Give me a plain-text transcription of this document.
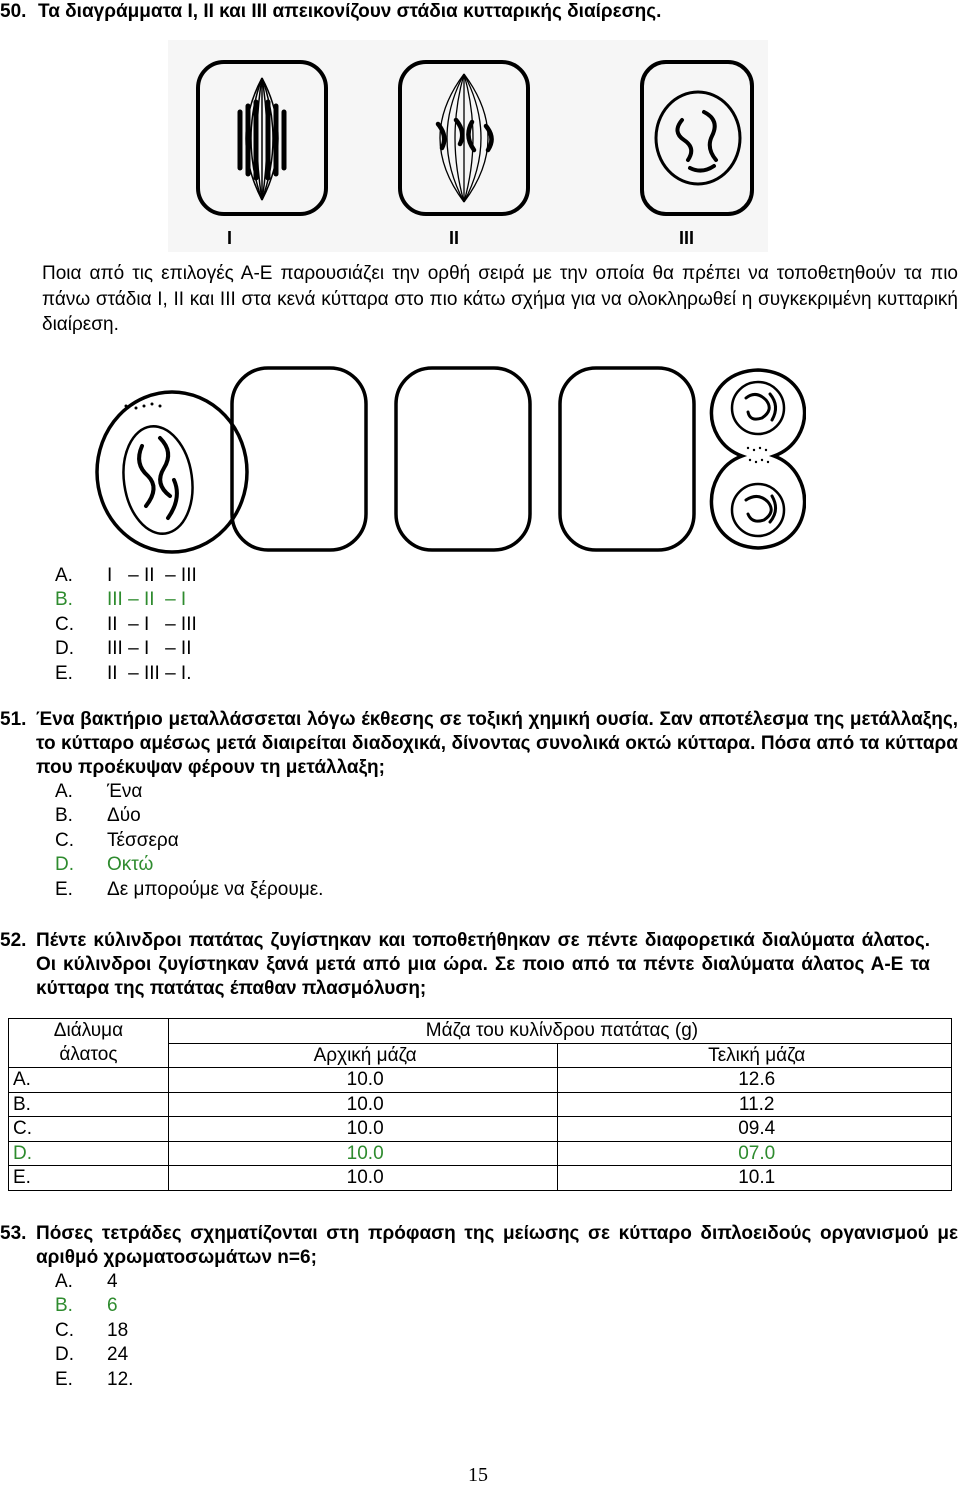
50. Τα διαγράμματα I, II και III απεικονίζουν στάδια κυτταρικής διαίρεσης.
I	II	III
Ποια από τις επιλογές Α-Ε παρουσιάζει την ορθή σειρά με την οποία θα πρέπει να τοποθετηθούν τα πιο πάνω στάδια I, II και III στα κενά κύτταρα στο πιο κάτω σχήμα για να ολοκληρωθεί η συγκεκριμένη κυτταρική διαίρεση.
A.	I   – II  – III
B.	III – II  – I
C.	II  – I   – III
D.	III – I   – II
E.	II  – III – I.
51. Ένα βακτήριο μεταλλάσσεται λόγω έκθεσης σε τοξική χημική ουσία. Σαν αποτέλεσμα της μετάλλαξης, το κύτταρο αμέσως μετά διαιρείται διαδοχικά, δίνοντας συνολικά οκτώ κύτταρα. Πόσα από τα κύτταρα που προέκυψαν φέρουν τη μετάλλαξη;
A.	Ένα
B.	Δύο
C.	Τέσσερα
D.	Οκτώ
E.	Δε μπορούμε να ξέρουμε.
52. Πέντε κύλινδροι πατάτας ζυγίστηκαν και τοποθετήθηκαν σε πέντε διαφορετικά διαλύματα άλατος. Οι κύλινδροι ζυγίστηκαν ξανά μετά από μια ώρα. Σε ποιο από τα πέντε διαλύματα άλατος Α-Ε τα κύτταρα της πατάτας έπαθαν πλασμόλυση;
Διάλυμα
άλατος	Μάζα του κυλίνδρου πατάτας (g)	
	Αρχική μάζα	Τελική μάζα
A.	10.0	12.6
B.	10.0	11.2
C.	10.0	09.4
D.	10.0	07.0
E.	10.0	10.1
53. Πόσες τετράδες σχηματίζονται στη πρόφαση της μείωσης σε κύτταρο διπλοειδούς οργανισμού με αριθμό χρωματοσωμάτων n=6;
A.	4
B.	6
C.	18
D.	24
E.	12.
15
